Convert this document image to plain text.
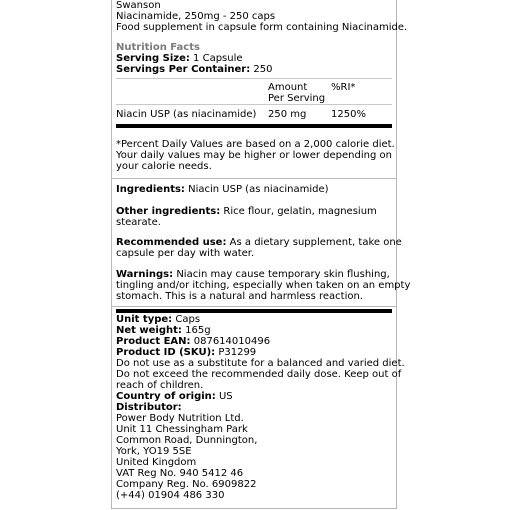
Swanson
Niacinamide, 250mg - 250 caps
Food supplement in capsule form containing Niacinamide.
Nutrition Facts
Serving Size: 1 Capsule
Servings Per Container: 250
Amount
Per Serving
%RI*
Niacin USP (as niacinamide) 250 mg 1250%
*Percent Daily Values are based on a 2,000 calorie diet.
Your daily values may be higher or lower depending on
your calorie needs.
Ingredients: Niacin USP (as niacinamide)
Other ingredients: Rice flour, gelatin, magnesium
stearate.
Recommended use: As a dietary supplement, take one
capsule per day with water.
Warnings: Niacin may cause temporary skin flushing,
tingling and/or itching, especially when taken on an empty
stomach. This is a natural and harmless reaction.
Unit type: Caps
Net weight: 165g
Product EAN: 087614010496
Product ID (SKU): P31299
Do not use as a substitute for a balanced and varied diet.
Do not exceed the recommended daily dose. Keep out of
reach of children.
Country of origin: US
Distributor:
Power Body Nutrition Ltd.
Unit 11 Chessingham Park
Common Road, Dunnington,
York, YO19 5SE
United Kingdom
VAT Reg No. 940 5412 46
Company Reg. No. 6909822
(+44) 01904 486 330
